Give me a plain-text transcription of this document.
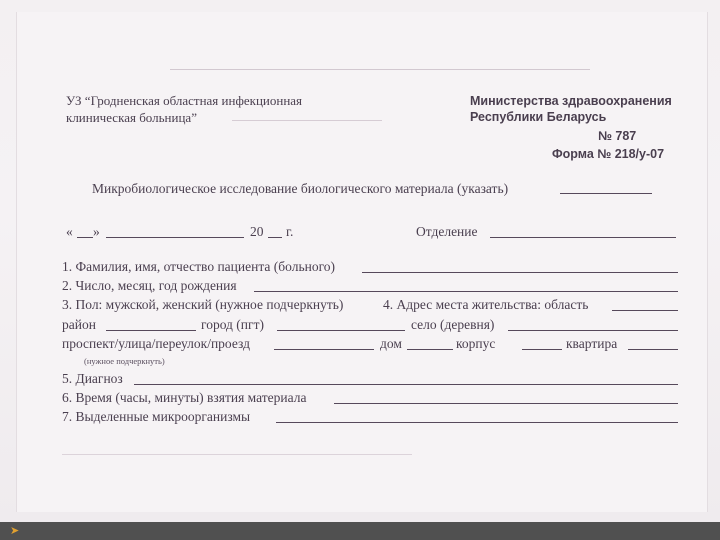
УЗ “Гродненская областная инфекционная
клиническая больница”
Министерства здравоохранения
Республики Беларусь
№ 787
Форма № 218/у-07
Микробиологическое исследование биологического материала (указать)
« »	20 г.	Отделение
1. Фамилия, имя, отчество пациента (больного)
2. Число, месяц, год рождения
3. Пол: мужской, женский (нужное подчеркнуть)	4. Адрес места жительства: область
район	город (пгт)	село (деревня)
проспект/улица/переулок/проезд	дом	корпус	квартира
(нужное подчеркнуть)
5. Диагноз
6. Время (часы, минуты) взятия материала
7. Выделенные микроорганизмы
➤
